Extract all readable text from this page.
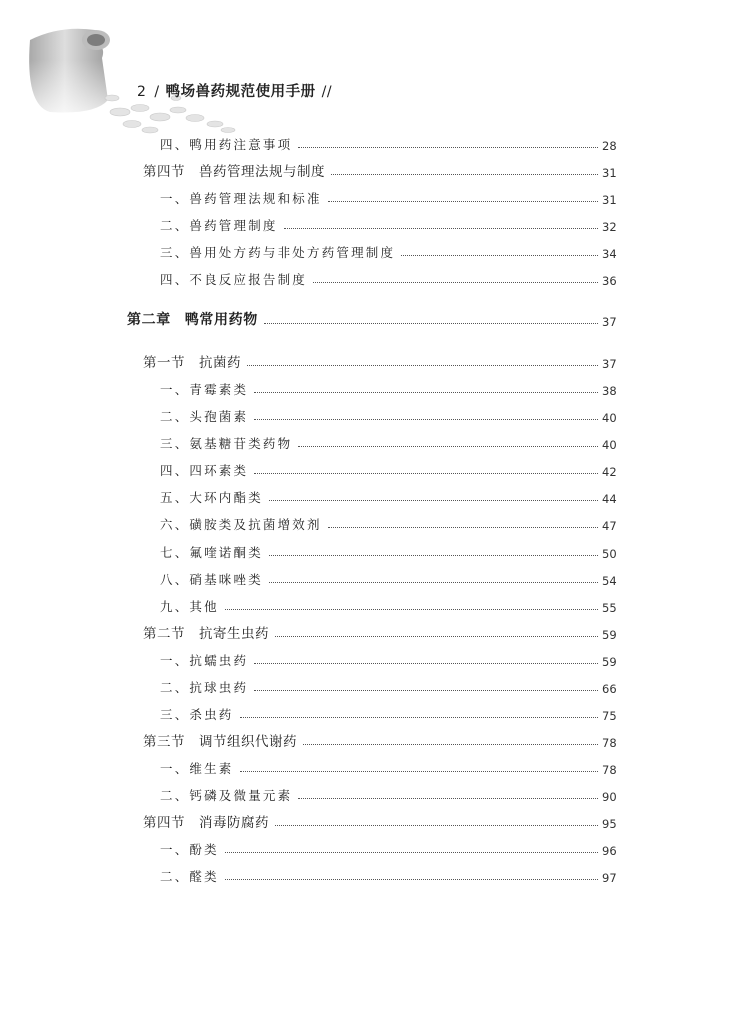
2 / 鸭场兽药规范使用手册 //
四、鸭用药注意事项	28
第四节 兽药管理法规与制度	31
一、兽药管理法规和标准	31
二、兽药管理制度	32
三、兽用处方药与非处方药管理制度	34
四、不良反应报告制度	36
第二章 鸭常用药物	37
第一节 抗菌药	37
一、青霉素类	38
二、头孢菌素	40
三、氨基糖苷类药物	40
四、四环素类	42
五、大环内酯类	44
六、磺胺类及抗菌增效剂	47
七、氟喹诺酮类	50
八、硝基咪唑类	54
九、其他	55
第二节 抗寄生虫药	59
一、抗蠕虫药	59
二、抗球虫药	66
三、杀虫药	75
第三节 调节组织代谢药	78
一、维生素	78
二、钙磷及微量元素	90
第四节 消毒防腐药	95
一、酚类	96
二、醛类	97
